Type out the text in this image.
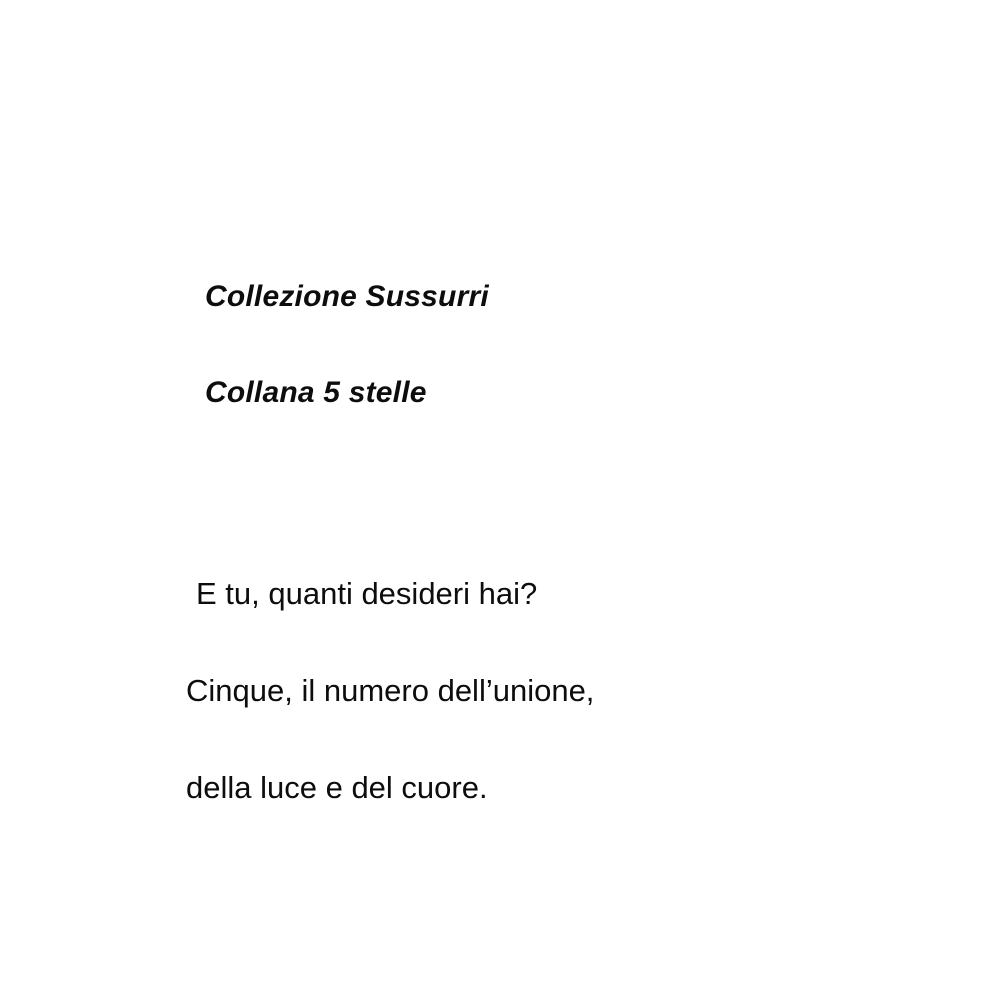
Collezione Sussurri
Collana 5 stelle
E tu, quanti desideri hai?
Cinque, il numero dell’unione,
della luce e del cuore.
